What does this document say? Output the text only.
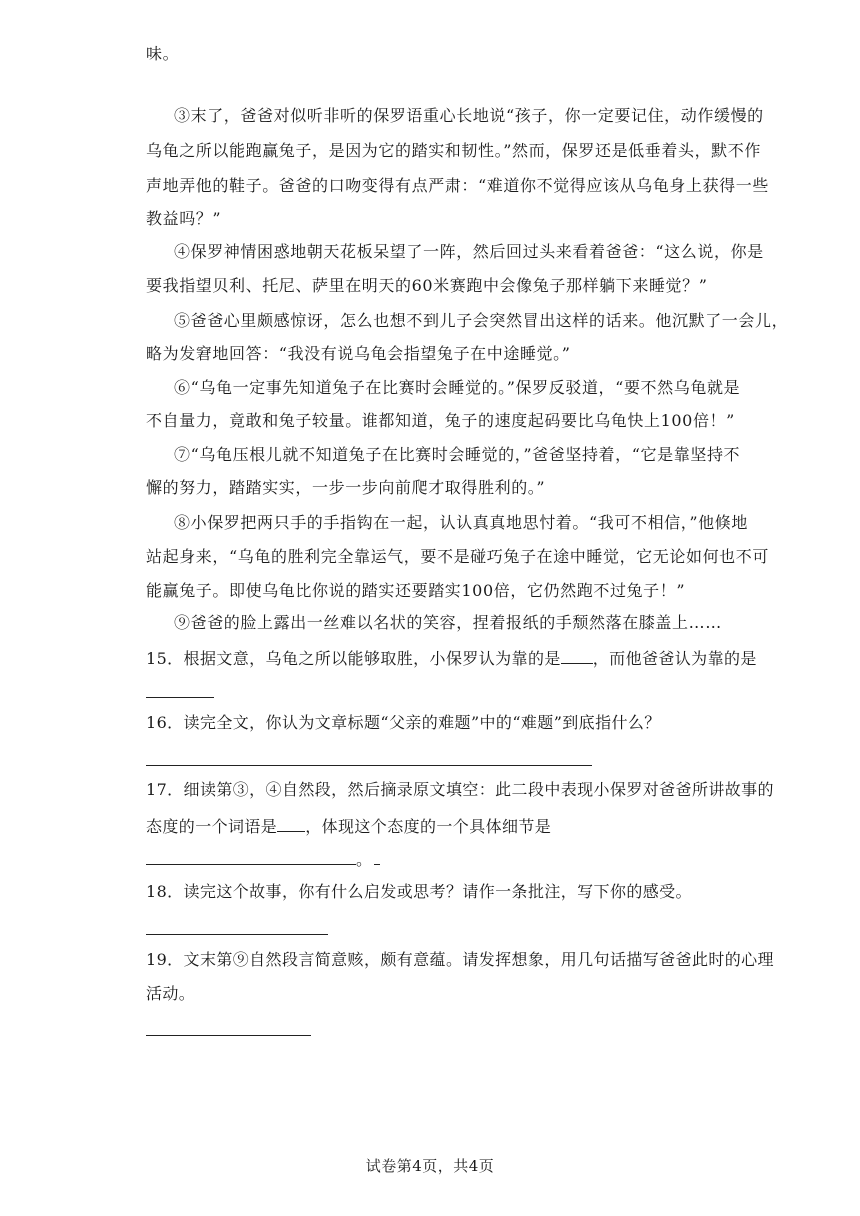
味。
③末了，爸爸对似听非听的保罗语重心长地说“孩子，你一定要记住，动作缓慢的
乌龟之所以能跑赢兔子，是因为它的踏实和韧性。”然而，保罗还是低垂着头，默不作
声地弄他的鞋子。爸爸的口吻变得有点严肃：“难道你不觉得应该从乌龟身上获得一些
教益吗？”
④保罗神情困惑地朝天花板呆望了一阵，然后回过头来看着爸爸：“这么说，你是
要我指望贝利、托尼、萨里在明天的60米赛跑中会像兔子那样躺下来睡觉？”
⑤爸爸心里颇感惊讶，怎么也想不到儿子会突然冒出这样的话来。他沉默了一会儿，
略为发窘地回答：“我没有说乌龟会指望兔子在中途睡觉。”
⑥“乌龟一定事先知道兔子在比赛时会睡觉的。”保罗反驳道，“要不然乌龟就是
不自量力，竟敢和兔子较量。谁都知道，兔子的速度起码要比乌龟快上100倍！”
⑦“乌龟压根儿就不知道兔子在比赛时会睡觉的，”爸爸坚持着，“它是靠坚持不
懈的努力，踏踏实实，一步一步向前爬才取得胜利的。”
⑧小保罗把两只手的手指钩在一起，认认真真地思忖着。“我可不相信，”他倏地
站起身来，“乌龟的胜利完全靠运气，要不是碰巧兔子在途中睡觉，它无论如何也不可
能赢兔子。即使乌龟比你说的踏实还要踏实100倍，它仍然跑不过兔子！”
⑨爸爸的脸上露出一丝难以名状的笑容，捏着报纸的手颓然落在膝盖上……
15．根据文意，乌龟之所以能够取胜，小保罗认为靠的是 ，而他爸爸认为靠的是
16．读完全文，你认为文章标题“父亲的难题”中的“难题”到底指什么？
17．细读第③，④自然段，然后摘录原文填空：此二段中表现小保罗对爸爸所讲故事的
态度的一个词语是 ，体现这个态度的一个具体细节是
。
18．读完这个故事，你有什么启发或思考？请作一条批注，写下你的感受。
19．文末第⑨自然段言简意赅，颇有意蕴。请发挥想象，用几句话描写爸爸此时的心理
活动。
试卷第4页，共4页
